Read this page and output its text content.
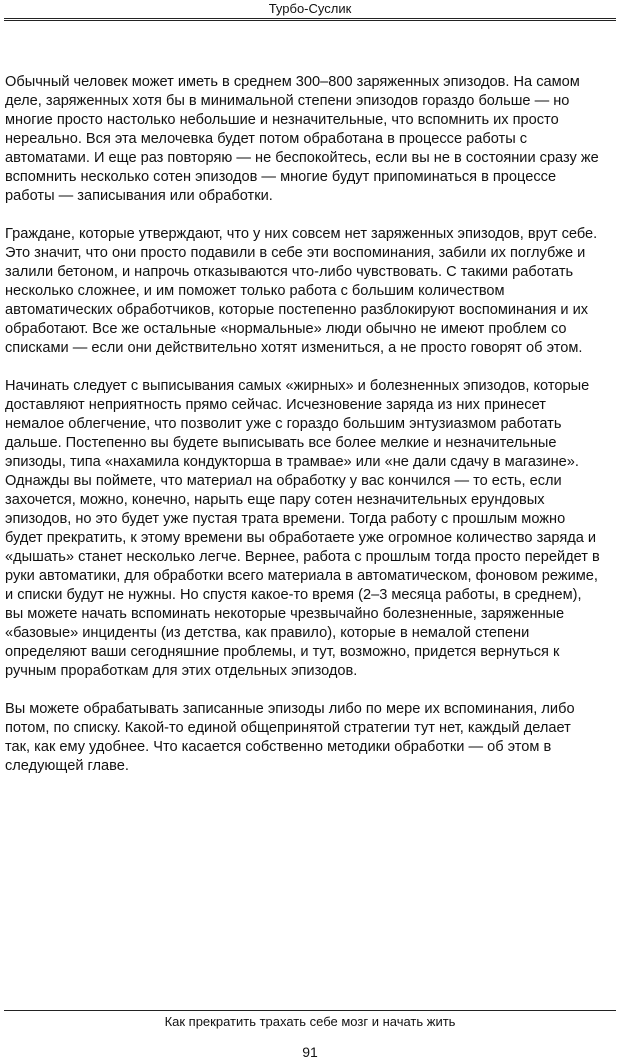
Турбо-Суслик

Обычный человек может иметь в среднем 300–800 заряженных эпизодов. На самом
деле, заряженных хотя бы в минимальной степени эпизодов гораздо больше — но
многие просто настолько небольшие и незначительные, что вспомнить их просто
нереально. Вся эта мелочевка будет потом обработана в процессе работы с
автоматами. И еще раз повторяю — не беспокойтесь, если вы не в состоянии сразу же
вспомнить несколько сотен эпизодов — многие будут припоминаться в процессе
работы — записывания или обработки.

Граждане, которые утверждают, что у них совсем нет заряженных эпизодов, врут себе.
Это значит, что они просто подавили в себе эти воспоминания, забили их поглубже и
залили бетоном, и напрочь отказываются что-либо чувствовать. С такими работать
несколько сложнее, и им поможет только работа с большим количеством
автоматических обработчиков, которые постепенно разблокируют воспоминания и их
обработают. Все же остальные «нормальные» люди обычно не имеют проблем со
списками — если они действительно хотят измениться, а не просто говорят об этом.

Начинать следует с выписывания самых «жирных» и болезненных эпизодов, которые
доставляют неприятность прямо сейчас. Исчезновение заряда из них принесет
немалое облегчение, что позволит уже с гораздо большим энтузиазмом работать
дальше. Постепенно вы будете выписывать все более мелкие и незначительные
эпизоды, типа «нахамила кондукторша в трамвае» или «не дали сдачу в магазине».
Однажды вы поймете, что материал на обработку у вас кончился — то есть, если
захочется, можно, конечно, нарыть еще пару сотен незначительных ерундовых
эпизодов, но это будет уже пустая трата времени. Тогда работу с прошлым можно
будет прекратить, к этому времени вы обработаете уже огромное количество заряда и
«дышать» станет несколько легче. Вернее, работа с прошлым тогда просто перейдет в
руки автоматики, для обработки всего материала в автоматическом, фоновом режиме,
и списки будут не нужны. Но спустя какое-то время (2–3 месяца работы, в среднем),
вы можете начать вспоминать некоторые чрезвычайно болезненные, заряженные
«базовые» инциденты (из детства, как правило), которые в немалой степени
определяют ваши сегодняшние проблемы, и тут, возможно, придется вернуться к
ручным проработкам для этих отдельных эпизодов.

Вы можете обрабатывать записанные эпизоды либо по мере их вспоминания, либо
потом, по списку. Какой-то единой общепринятой стратегии тут нет, каждый делает
так, как ему удобнее. Что касается собственно методики обработки — об этом в
следующей главе.

Как прекратить трахать себе мозг и начать жить
91
